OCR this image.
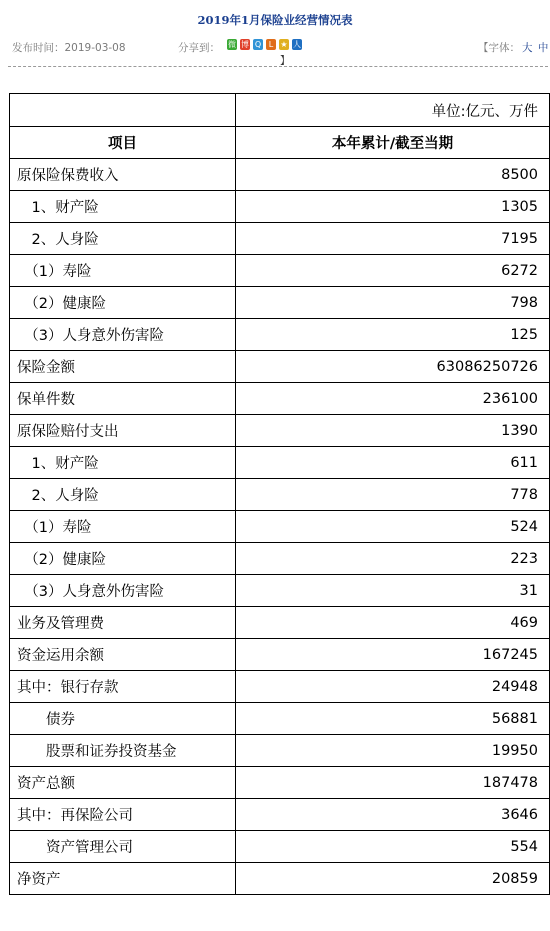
2019年1月保险业经营情况表
发布时间：2019-03-08	分享到： 微 博 Q L ★ 人
】
【字体： 大 中
	单位:亿元、万件
项目	本年累计/截至当期
原保险保费收入	8500
　1、财产险	1305
　2、人身险	7195
　（1）寿险	6272
　（2）健康险	798
　（3）人身意外伤害险	125
保险金额	63086250726
保单件数	236100
原保险赔付支出	1390
　1、财产险	611
　2、人身险	778
　（1）寿险	524
　（2）健康险	223
　（3）人身意外伤害险	31
业务及管理费	469
资金运用余额	167245
其中：银行存款	24948
　　债券	56881
　　股票和证券投资基金	19950
资产总额	187478
其中：再保险公司	3646
　　资产管理公司	554
净资产	20859
